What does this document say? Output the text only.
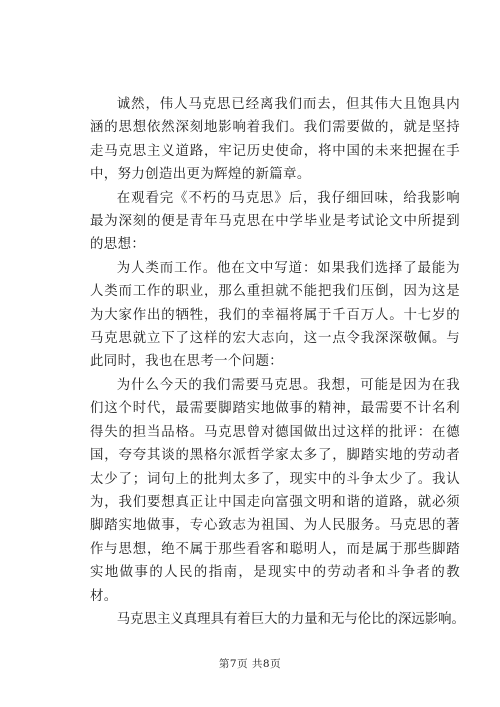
诚然，伟人马克思已经离我们而去，但其伟大且饱具内涵的思想依然深刻地影响着我们。我们需要做的，就是坚持走马克思主义道路，牢记历史使命，将中国的未来把握在手中，努力创造出更为辉煌的新篇章。

在观看完《不朽的马克思》后，我仔细回味，给我影响最为深刻的便是青年马克思在中学毕业是考试论文中所提到的思想：

为人类而工作。他在文中写道：如果我们选择了最能为人类而工作的职业，那么重担就不能把我们压倒，因为这是为大家作出的牺牲，我们的幸福将属于千百万人。十七岁的马克思就立下了这样的宏大志向，这一点令我深深敬佩。与此同时，我也在思考一个问题：

为什么今天的我们需要马克思。我想，可能是因为在我们这个时代，最需要脚踏实地做事的精神，最需要不计名利得失的担当品格。马克思曾对德国做出过这样的批评：在德国，夸夸其谈的黑格尔派哲学家太多了，脚踏实地的劳动者太少了；词句上的批判太多了，现实中的斗争太少了。我认为，我们要想真正让中国走向富强文明和谐的道路，就必须脚踏实地做事，专心致志为祖国、为人民服务。马克思的著作与思想，绝不属于那些看客和聪明人，而是属于那些脚踏实地做事的人民的指南，是现实中的劳动者和斗争者的教材。

马克思主义真理具有着巨大的力量和无与伦比的深远影响。

第7页 共8页
